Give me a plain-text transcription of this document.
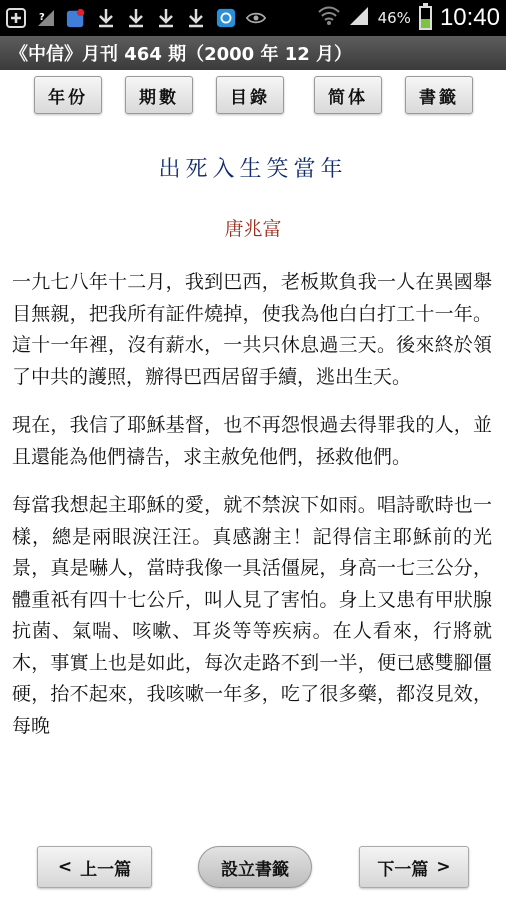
?	46% 10:40
《中信》月刊 464 期（2000 年 12 月）
年份	期數	目錄	简体	書籤
出死入生笑當年
唐兆富

一九七八年十二月，我到巴西，老板欺負我一人在異國舉目無親，把我所有証件燒掉，使我為他白白打工十一年。這十一年裡，沒有薪水，一共只休息過三天。後來終於領了中共的護照，辦得巴西居留手續，逃出生天。

現在，我信了耶穌基督，也不再怨恨過去得罪我的人，並且還能為他們禱告，求主赦免他們，拯救他們。

每當我想起主耶穌的愛，就不禁淚下如雨。唱詩歌時也一樣，總是兩眼淚汪汪。真感謝主！記得信主耶穌前的光景，真是嚇人，當時我像一具活僵屍，身高一七三公分，體重祇有四十七公斤，叫人見了害怕。身上又患有甲狀腺抗菌、氣喘、咳嗽、耳炎等等疾病。在人看來，行將就木，事實上也是如此，每次走路不到一半，便已感雙腳僵硬，抬不起來，我咳嗽一年多，吃了很多藥，都沒見效，每晚

< 上一篇	設立書籤	下一篇 >
